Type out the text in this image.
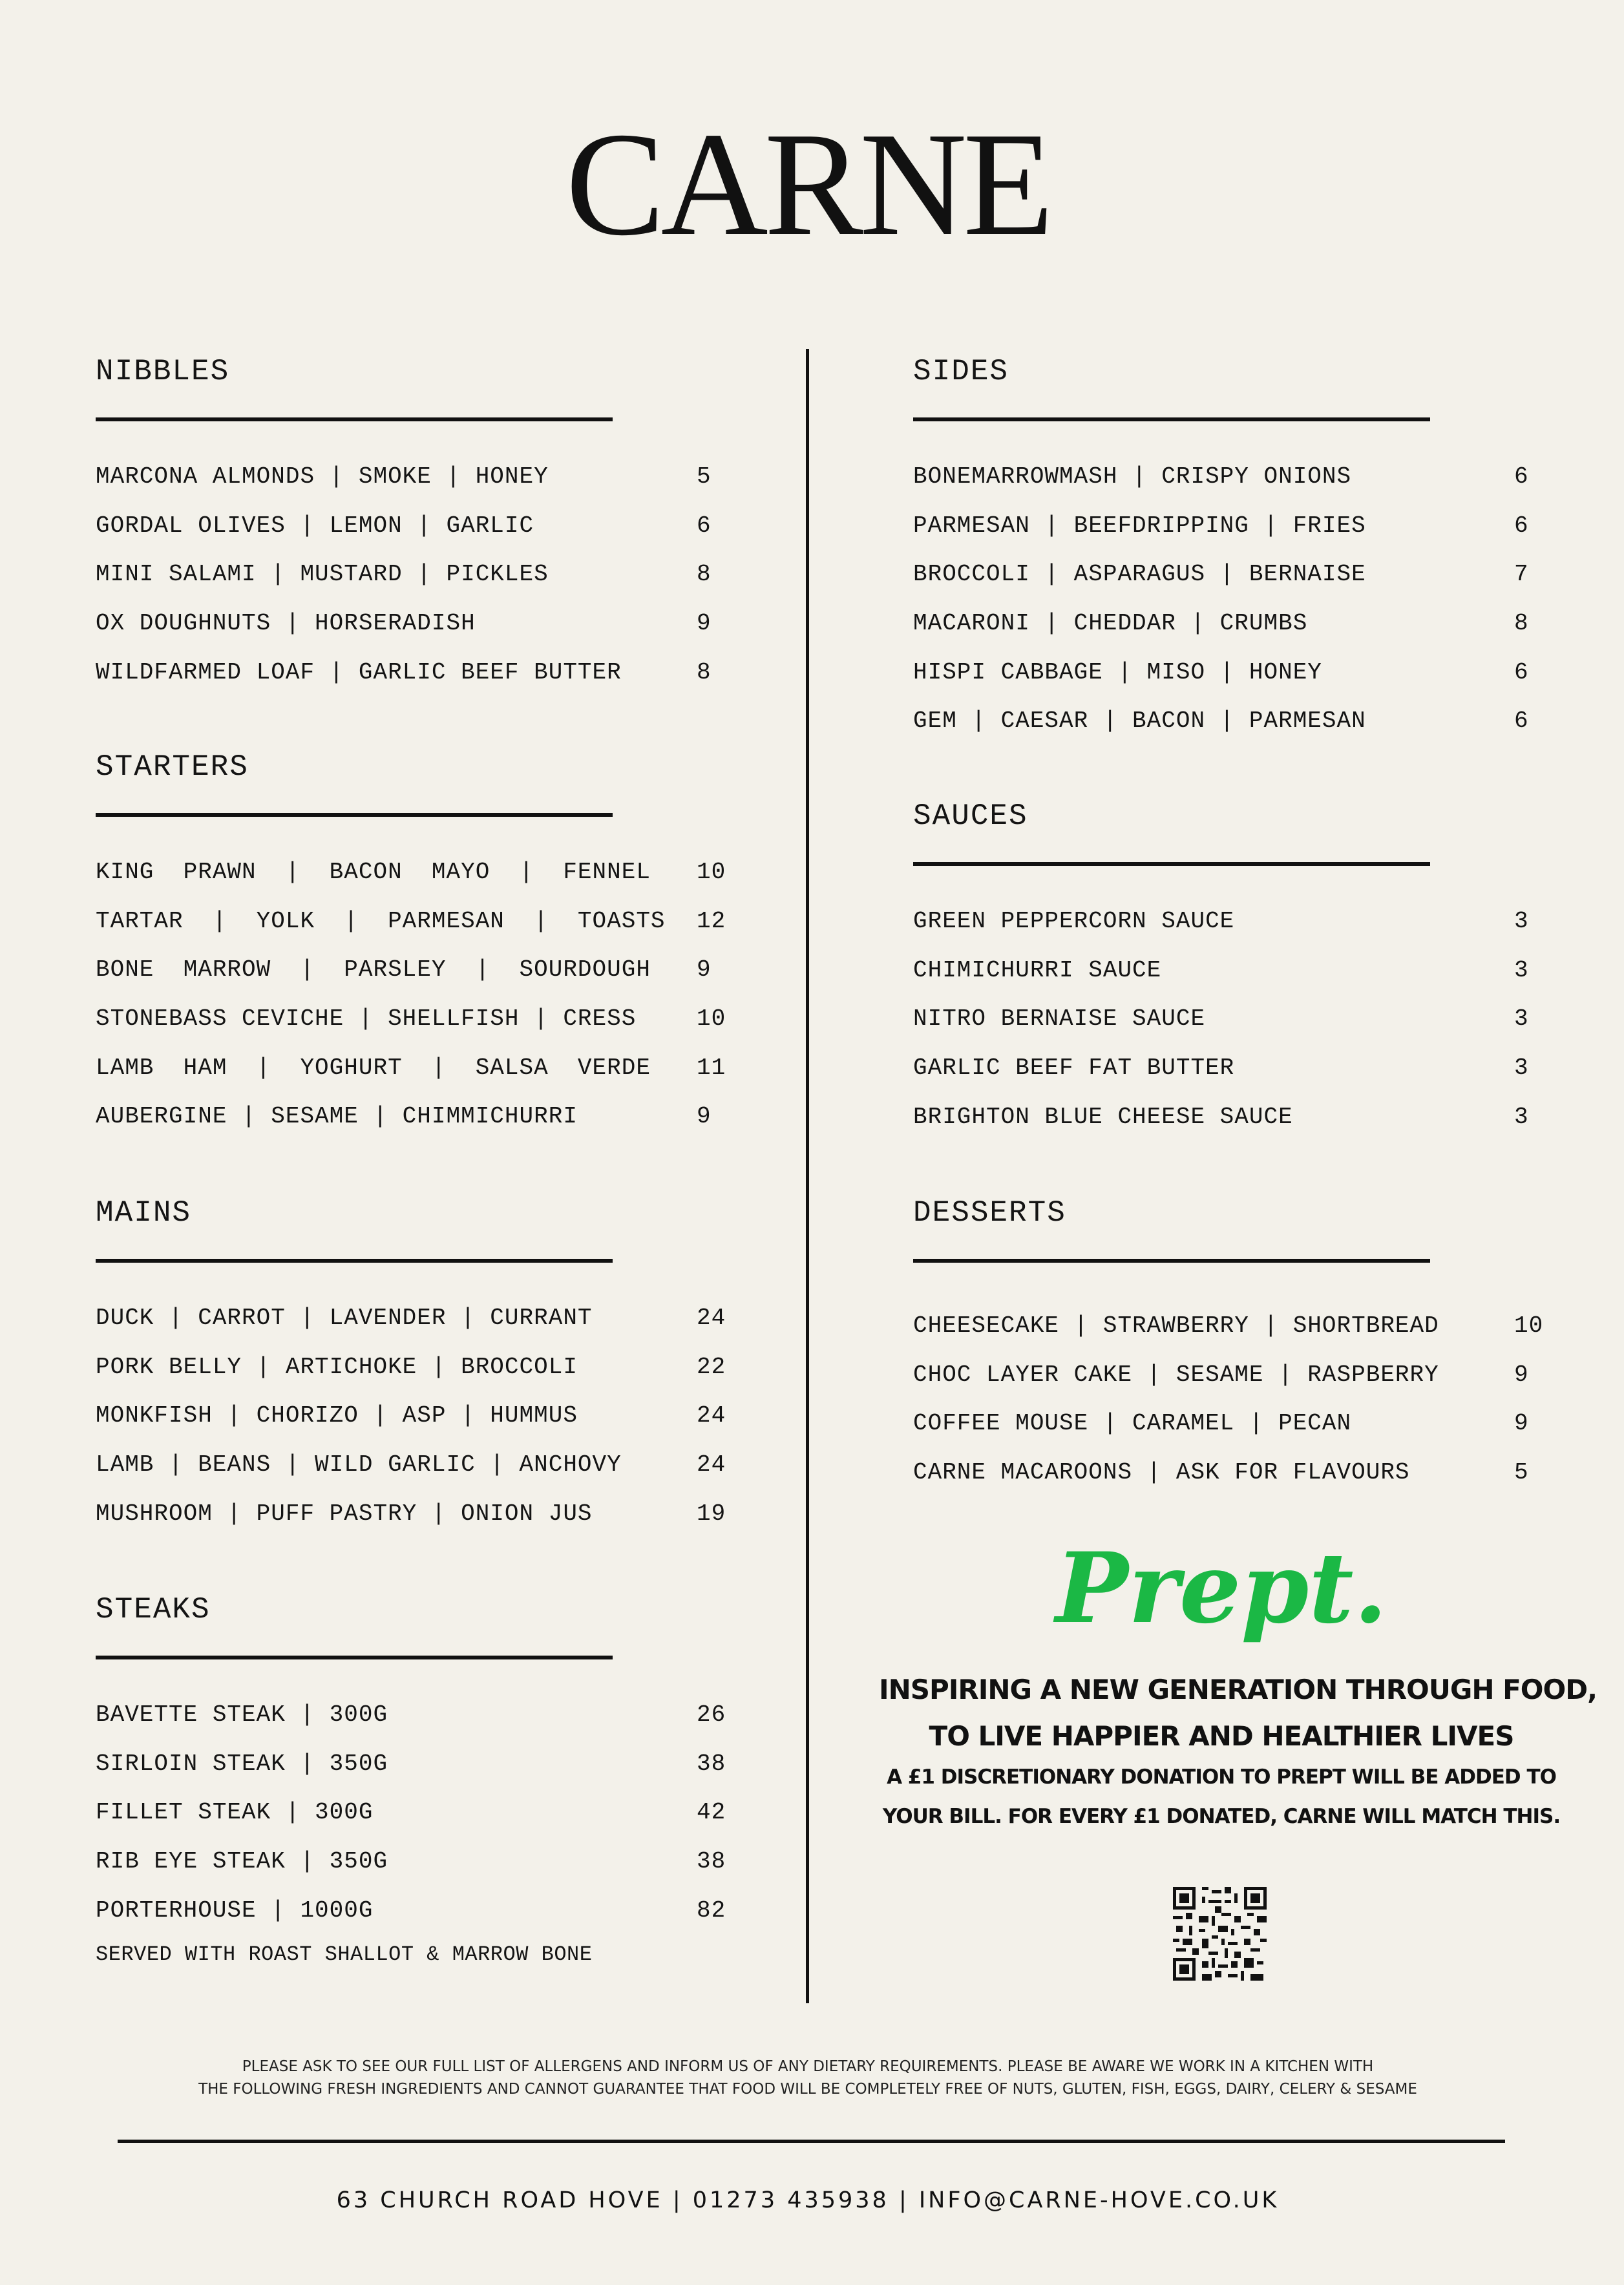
CARNE
NIBBLES
MARCONA ALMONDS | SMOKE | HONEY	5
GORDAL OLIVES | LEMON | GARLIC	6
MINI SALAMI | MUSTARD | PICKLES	8
OX DOUGHNUTS | HORSERADISH	9
WILDFARMED LOAF | GARLIC BEEF BUTTER	8
STARTERS
KING  PRAWN  |  BACON  MAYO  |  FENNEL 10
TARTAR  |  YOLK  |  PARMESAN  |  TOASTS 12
BONE  MARROW  |  PARSLEY  |  SOURDOUGH 9
STONEBASS CEVICHE | SHELLFISH | CRESS	10
LAMB  HAM  |  YOGHURT  |  SALSA  VERDE 11
AUBERGINE | SESAME | CHIMMICHURRI	9
MAINS
DUCK | CARROT | LAVENDER | CURRANT	24
PORK BELLY | ARTICHOKE | BROCCOLI	22
MONKFISH | CHORIZO | ASP | HUMMUS	24
LAMB | BEANS | WILD GARLIC | ANCHOVY	24
MUSHROOM | PUFF PASTRY | ONION JUS	19
STEAKS
BAVETTE STEAK | 300G	26
SIRLOIN STEAK | 350G	38
FILLET STEAK | 300G	42
RIB EYE STEAK | 350G	38
PORTERHOUSE | 1000G	82
SERVED WITH ROAST SHALLOT & MARROW BONE
SIDES
BONEMARROWMASH | CRISPY ONIONS	6
PARMESAN | BEEFDRIPPING | FRIES	6
BROCCOLI | ASPARAGUS | BERNAISE	7
MACARONI | CHEDDAR | CRUMBS	8
HISPI CABBAGE | MISO | HONEY	6
GEM | CAESAR | BACON | PARMESAN	6
SAUCES
GREEN PEPPERCORN SAUCE	3
CHIMICHURRI SAUCE	3
NITRO BERNAISE SAUCE	3
GARLIC BEEF FAT BUTTER	3
BRIGHTON BLUE CHEESE SAUCE	3
DESSERTS
CHEESECAKE | STRAWBERRY | SHORTBREAD	10
CHOC LAYER CAKE | SESAME | RASPBERRY	9
COFFEE MOUSE | CARAMEL | PECAN	9
CARNE MACAROONS | ASK FOR FLAVOURS	5
Prept.
INSPIRING A NEW GENERATION THROUGH FOOD,
TO LIVE HAPPIER AND HEALTHIER LIVES
A £1 DISCRETIONARY DONATION TO PREPT WILL BE ADDED TO
YOUR BILL. FOR EVERY £1 DONATED, CARNE WILL MATCH THIS.
PLEASE ASK TO SEE OUR FULL LIST OF ALLERGENS AND INFORM US OF ANY DIETARY REQUIREMENTS. PLEASE BE AWARE WE WORK IN A KITCHEN WITH
THE FOLLOWING FRESH INGREDIENTS AND CANNOT GUARANTEE THAT FOOD WILL BE COMPLETELY FREE OF NUTS, GLUTEN, FISH, EGGS, DAIRY, CELERY & SESAME
63 CHURCH ROAD HOVE | 01273 435938 | INFO@CARNE-HOVE.CO.UK
